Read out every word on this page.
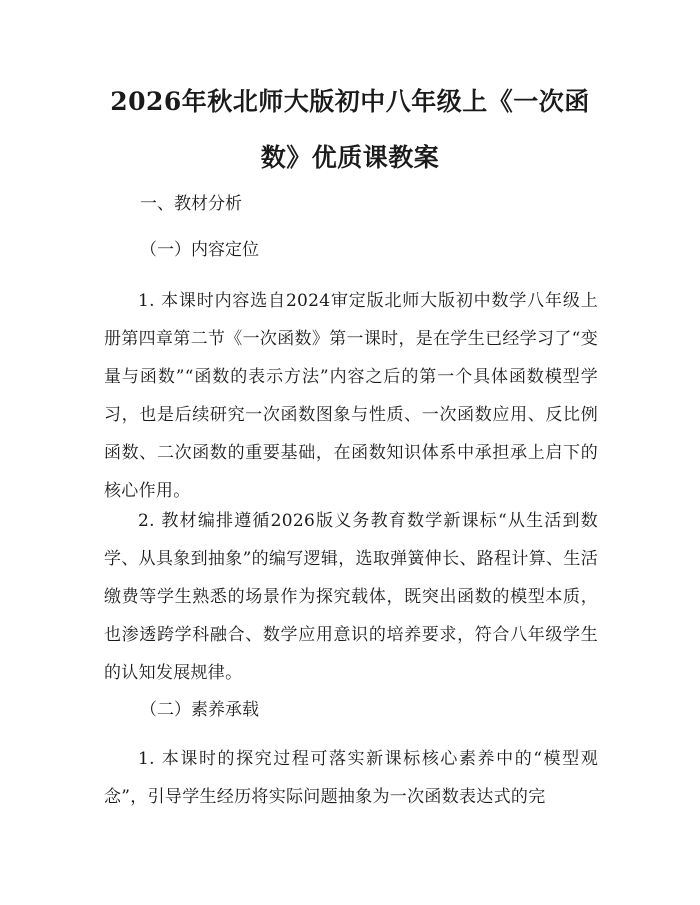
2026年秋北师大版初中八年级上《一次函数》优质课教案
一、教材分析
（一）内容定位
1. 本课时内容选自2024审定版北师大版初中数学八年级上册第四章第二节《一次函数》第一课时，是在学生已经学习了“变量与函数”“函数的表示方法”内容之后的第一个具体函数模型学习，也是后续研究一次函数图象与性质、一次函数应用、反比例函数、二次函数的重要基础，在函数知识体系中承担承上启下的核心作用。
2. 教材编排遵循2026版义务教育数学新课标“从生活到数学、从具象到抽象”的编写逻辑，选取弹簧伸长、路程计算、生活缴费等学生熟悉的场景作为探究载体，既突出函数的模型本质，也渗透跨学科融合、数学应用意识的培养要求，符合八年级学生的认知发展规律。
（二）素养承载
1. 本课时的探究过程可落实新课标核心素养中的“模型观念”，引导学生经历将实际问题抽象为一次函数表达式的完
